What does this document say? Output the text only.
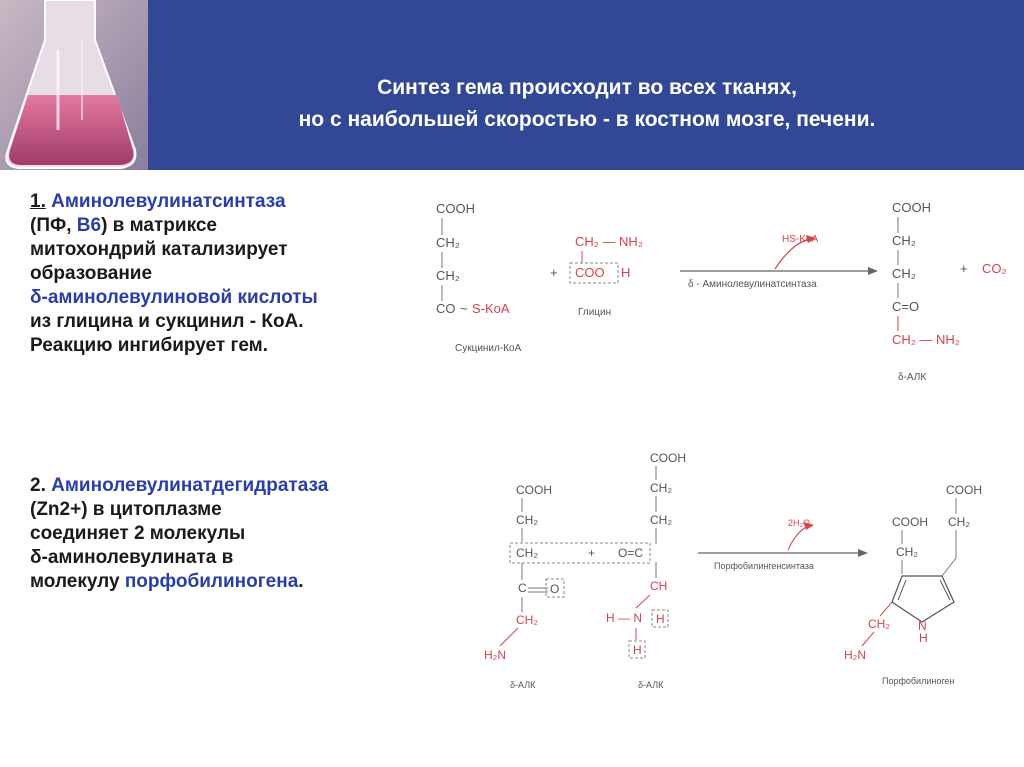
Синтез гема происходит во всех тканях,
но с наибольшей скоростью - в костном мозге, печени.
1. Аминолевулинатсинтаза
(ПФ, В6) в матриксе
митохондрий катализирует
образование
δ-аминолевулиновой кислоты
из глицина и сукцинил - КоА.
Реакцию ингибирует гем.
2. Аминолевулинатдегидратаза
(Zn2+) в цитоплазме
соединяет 2 молекулы
δ-аминолевулината в
молекулу порфобилиногена.
COOH
CH₂
CH₂
CO ~ S-KoA
Сукцинил-КоА
+
CH₂ — NH₂
COO H
Глицин
HS-KoA
δ - Аминолевулинатсинтаза
COOH
CH₂
CH₂
C=O
CH₂ — NH₂
δ-АЛК
+ CO₂
COOH
CH₂
CH₂	+
C O
CH₂
H₂N
δ-АЛК
COOH
CH₂
CH₂
O=C
CH
H — N H
H
δ-АЛК
2H₂O
Порфобилингенсинтаза
COOH
COOH CH₂
CH₂
N
H
CH₂
H₂N
Порфобилиноген
